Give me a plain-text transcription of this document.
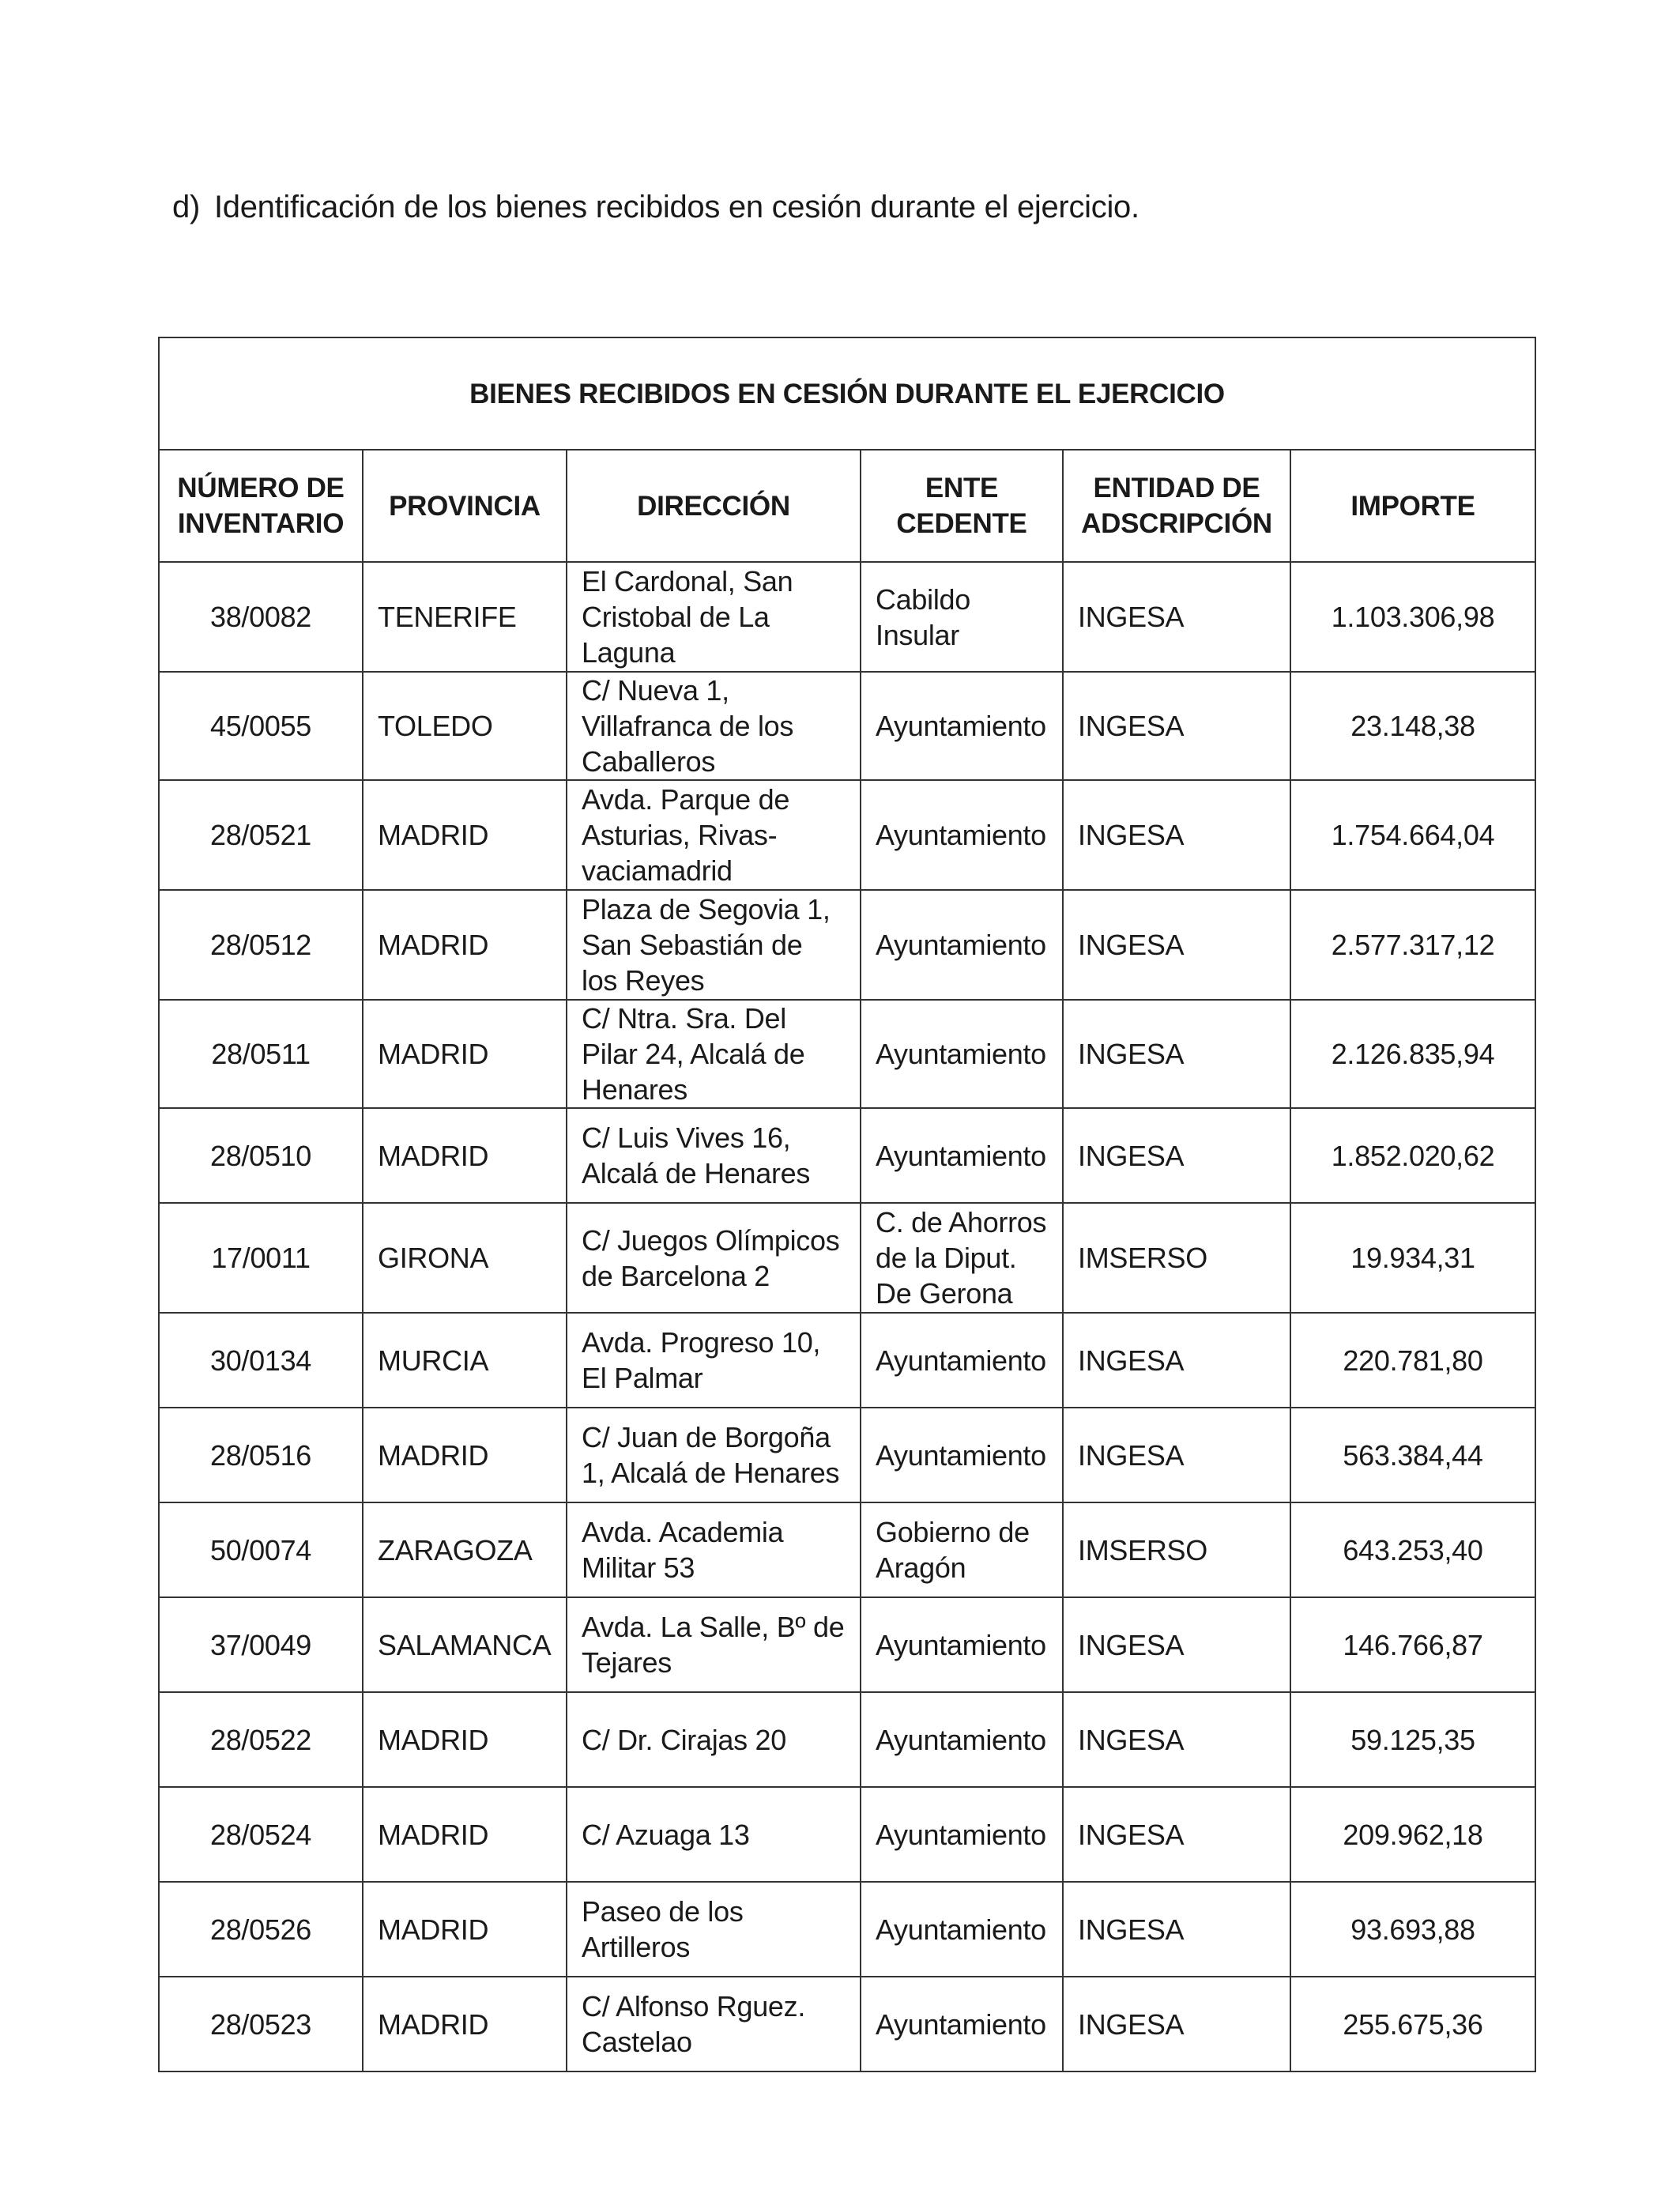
d) Identificación de los bienes recibidos en cesión durante el ejercicio.
BIENES RECIBIDOS EN CESIÓN DURANTE EL EJERCICIO					
NÚMERO DE INVENTARIO	PROVINCIA	DIRECCIÓN	ENTE CEDENTE	ENTIDAD DE ADSCRIPCIÓN	IMPORTE
38/0082	TENERIFE	El Cardonal, San Cristobal de La Laguna	Cabildo Insular	INGESA	1.103.306,98
45/0055	TOLEDO	C/ Nueva 1, Villafranca de los Caballeros	Ayuntamiento	INGESA	23.148,38
28/0521	MADRID	Avda. Parque de Asturias, Rivas-vaciamadrid	Ayuntamiento	INGESA	1.754.664,04
28/0512	MADRID	Plaza de Segovia 1, San Sebastián de los Reyes	Ayuntamiento	INGESA	2.577.317,12
28/0511	MADRID	C/ Ntra. Sra. Del Pilar 24, Alcalá de Henares	Ayuntamiento	INGESA	2.126.835,94
28/0510	MADRID	C/ Luis Vives 16, Alcalá de Henares	Ayuntamiento	INGESA	1.852.020,62
17/0011	GIRONA	C/ Juegos Olímpicos de Barcelona 2	C. de Ahorros de la Diput. De Gerona	IMSERSO	19.934,31
30/0134	MURCIA	Avda. Progreso 10, El Palmar	Ayuntamiento	INGESA	220.781,80
28/0516	MADRID	C/ Juan de Borgoña 1, Alcalá de Henares	Ayuntamiento	INGESA	563.384,44
50/0074	ZARAGOZA	Avda. Academia Militar 53	Gobierno de Aragón	IMSERSO	643.253,40
37/0049	SALAMANCA	Avda. La Salle, Bº de Tejares	Ayuntamiento	INGESA	146.766,87
28/0522	MADRID	C/ Dr. Cirajas 20	Ayuntamiento	INGESA	59.125,35
28/0524	MADRID	C/ Azuaga 13	Ayuntamiento	INGESA	209.962,18
28/0526	MADRID	Paseo de los Artilleros	Ayuntamiento	INGESA	93.693,88
28/0523	MADRID	C/ Alfonso Rguez. Castelao	Ayuntamiento	INGESA	255.675,36
